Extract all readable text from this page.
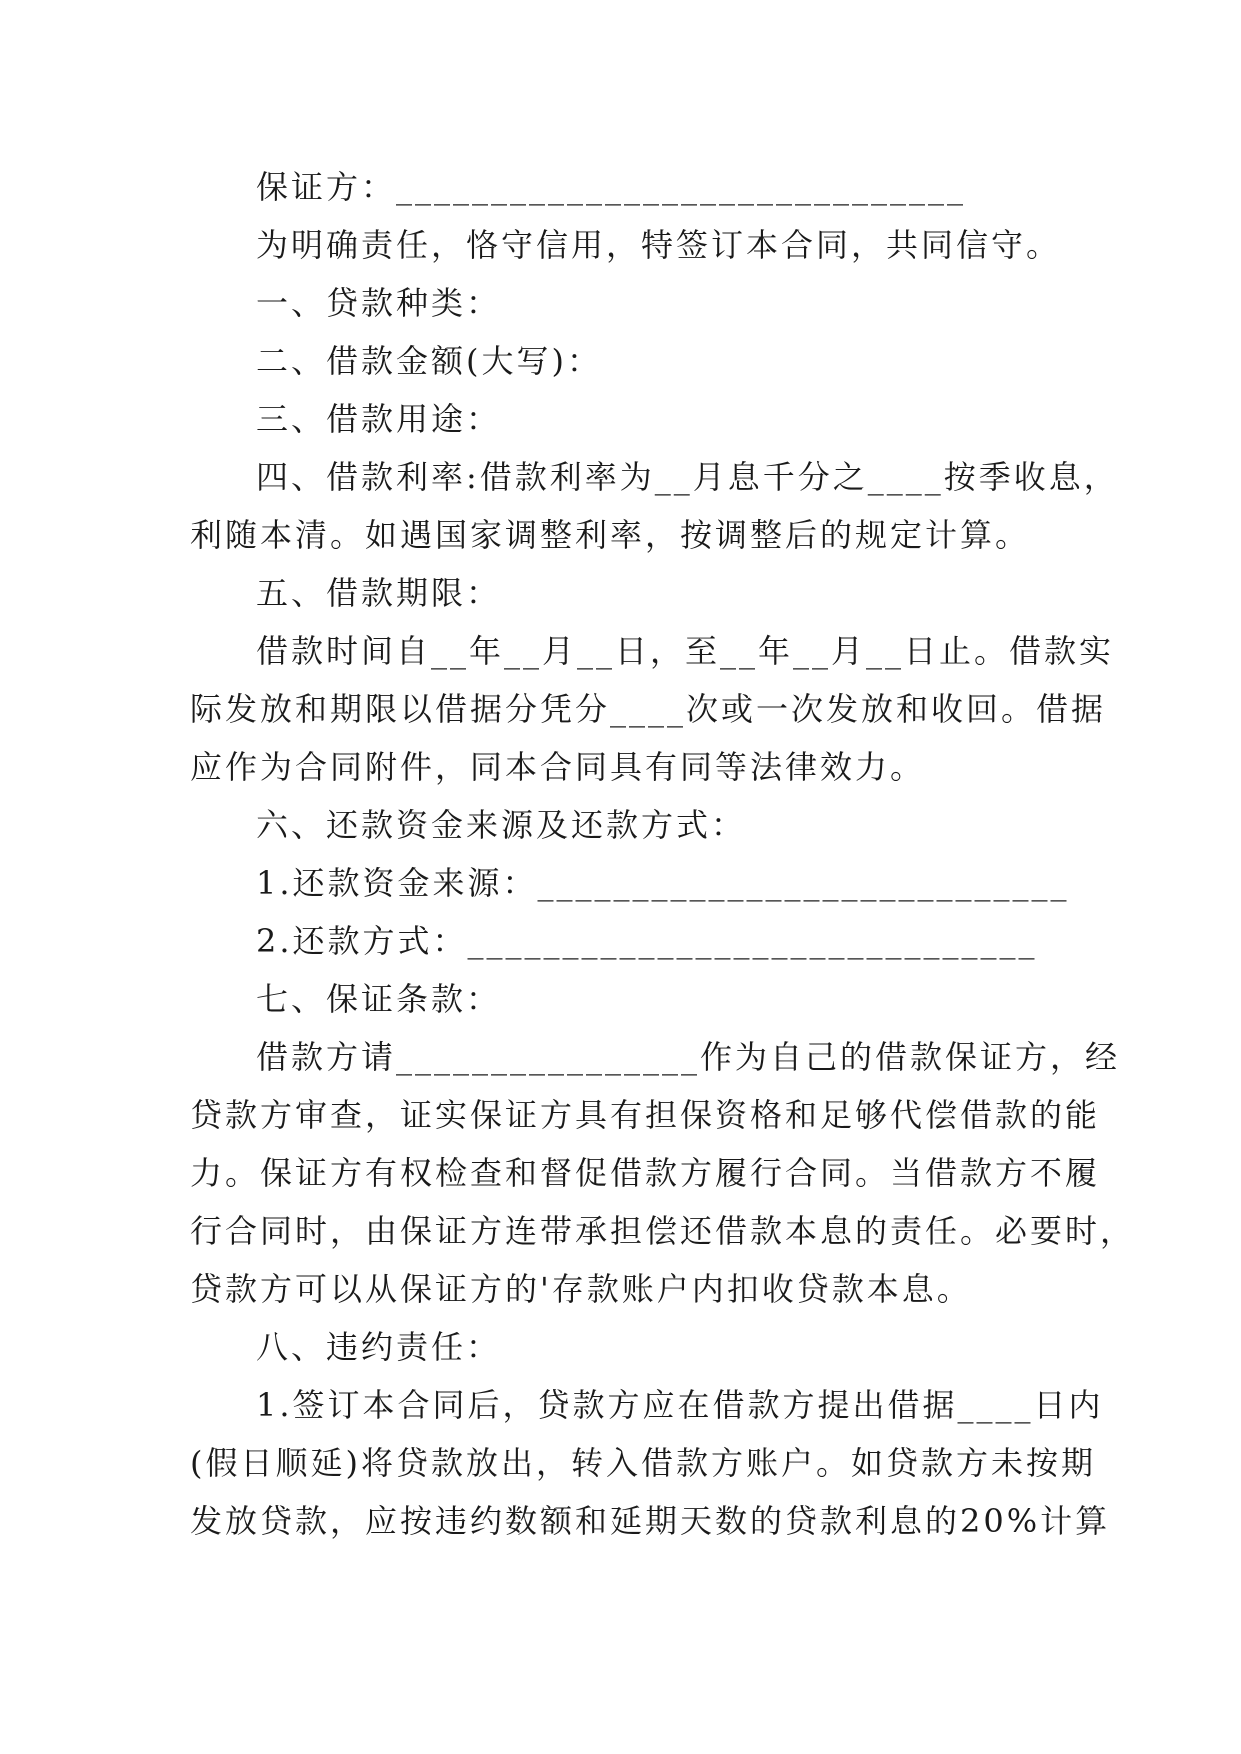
保证方：______________________________

为明确责任，恪守信用，特签订本合同，共同信守。

一、贷款种类：

二、借款金额(大写)：

三、借款用途：

四、借款利率:借款利率为__月息千分之____按季收息，

利随本清。如遇国家调整利率，按调整后的规定计算。

五、借款期限：

借款时间自__年__月__日，至__年__月__日止。借款实

际发放和期限以借据分凭分____次或一次发放和收回。借据

应作为合同附件，同本合同具有同等法律效力。

六、还款资金来源及还款方式：

1.还款资金来源：____________________________

2.还款方式：______________________________

七、保证条款：

借款方请________________作为自己的借款保证方，经

贷款方审查，证实保证方具有担保资格和足够代偿借款的能

力。保证方有权检查和督促借款方履行合同。当借款方不履

行合同时，由保证方连带承担偿还借款本息的责任。必要时，

贷款方可以从保证方的'存款账户内扣收贷款本息。

八、违约责任：

1.签订本合同后，贷款方应在借款方提出借据____日内

(假日顺延)将贷款放出，转入借款方账户。如贷款方未按期

发放贷款，应按违约数额和延期天数的贷款利息的20%计算
